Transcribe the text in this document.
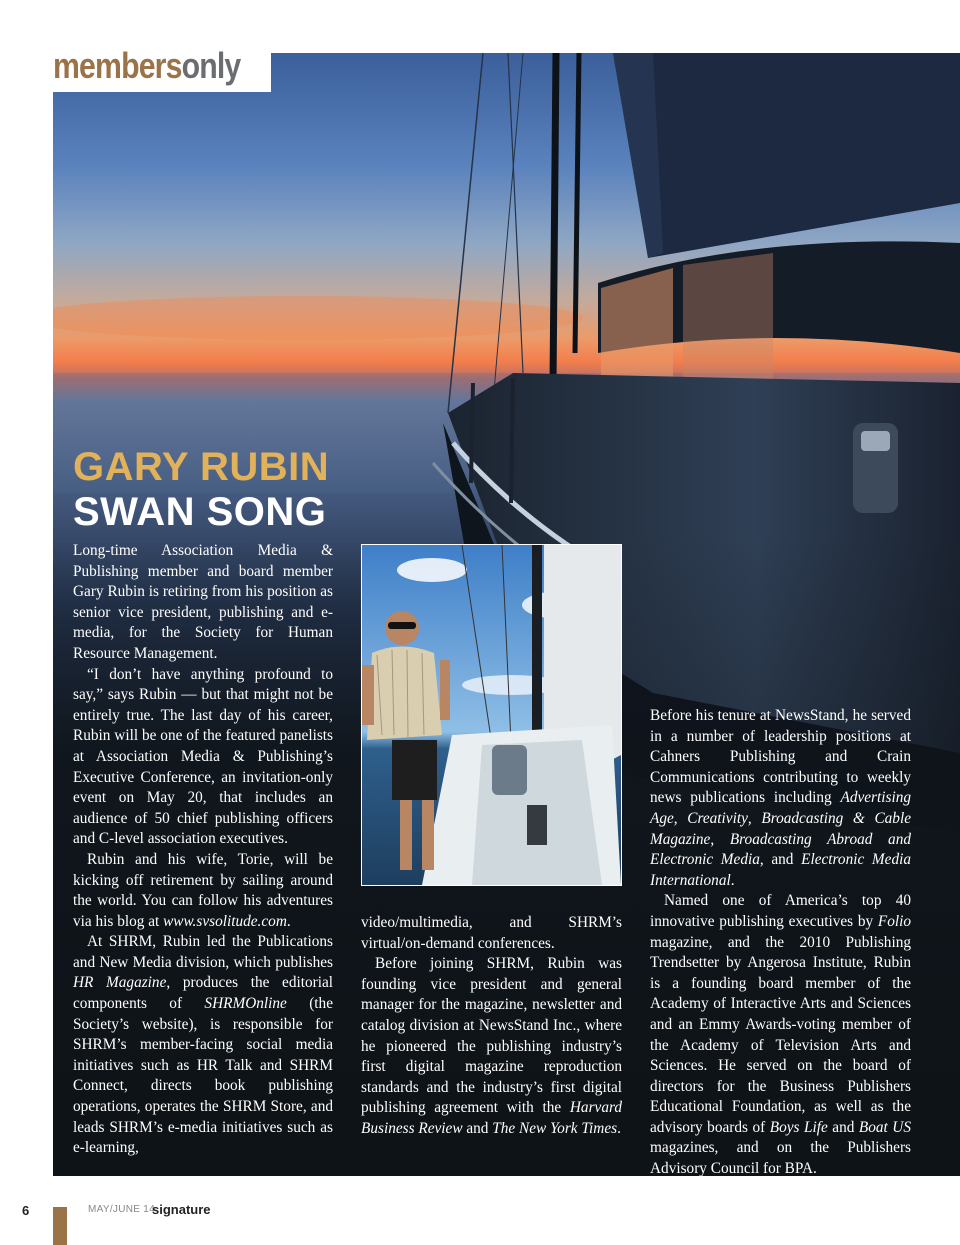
membersonly
GARY RUBIN
SWAN SONG

Long-time Association Media & Publishing member and board member Gary Rubin is retiring from his position as senior vice president, publishing and e-media, for the Society for Human Resource Management.

“I don’t have anything profound to say,” says Rubin — but that might not be entirely true. The last day of his career, Rubin will be one of the featured panelists at Association Media & Publishing’s Executive Conference, an invitation-only event on May 20, that includes an audience of 50 chief publishing officers and C-level association executives.

Rubin and his wife, Torie, will be kicking off retirement by sailing around the world. You can follow his adventures via his blog at www.svsolitude.com.

At SHRM, Rubin led the Publications and New Media division, which publishes HR Magazine, produces the editorial components of SHRMOnline (the Society’s website), is responsible for SHRM’s member-facing social media initiatives such as HR Talk and SHRM Connect, directs book publishing operations, operates the SHRM Store, and leads SHRM’s e-media initiatives such as e-learning,

video/multimedia, and SHRM’s virtual/on-demand conferences.

Before joining SHRM, Rubin was founding vice president and general manager for the magazine, newsletter and catalog division at NewsStand Inc., where he pioneered the publishing industry’s first digital magazine reproduction standards and the industry’s first digital publishing agreement with the Harvard Business Review and The New York Times.

Before his tenure at NewsStand, he served in a number of leadership positions at Cahners Publishing and Crain Communications contributing to weekly news publications including Advertising Age, Creativity, Broadcasting & Cable Magazine, Broadcasting Abroad and Electronic Media, and Electronic Media International.

Named one of America’s top 40 innovative publishing executives by Folio magazine, and the 2010 Publishing Trendsetter by Angerosa Institute, Rubin is a founding board member of the Academy of Interactive Arts and Sciences and an Emmy Awards-voting member of the Academy of Television Arts and Sciences. He served on the board of directors for the Business Publishers Educational Foundation, as well as the advisory boards of Boys Life and Boat US magazines, and on the Publishers Advisory Council for BPA.

6	MAY/JUNE 14
signature
